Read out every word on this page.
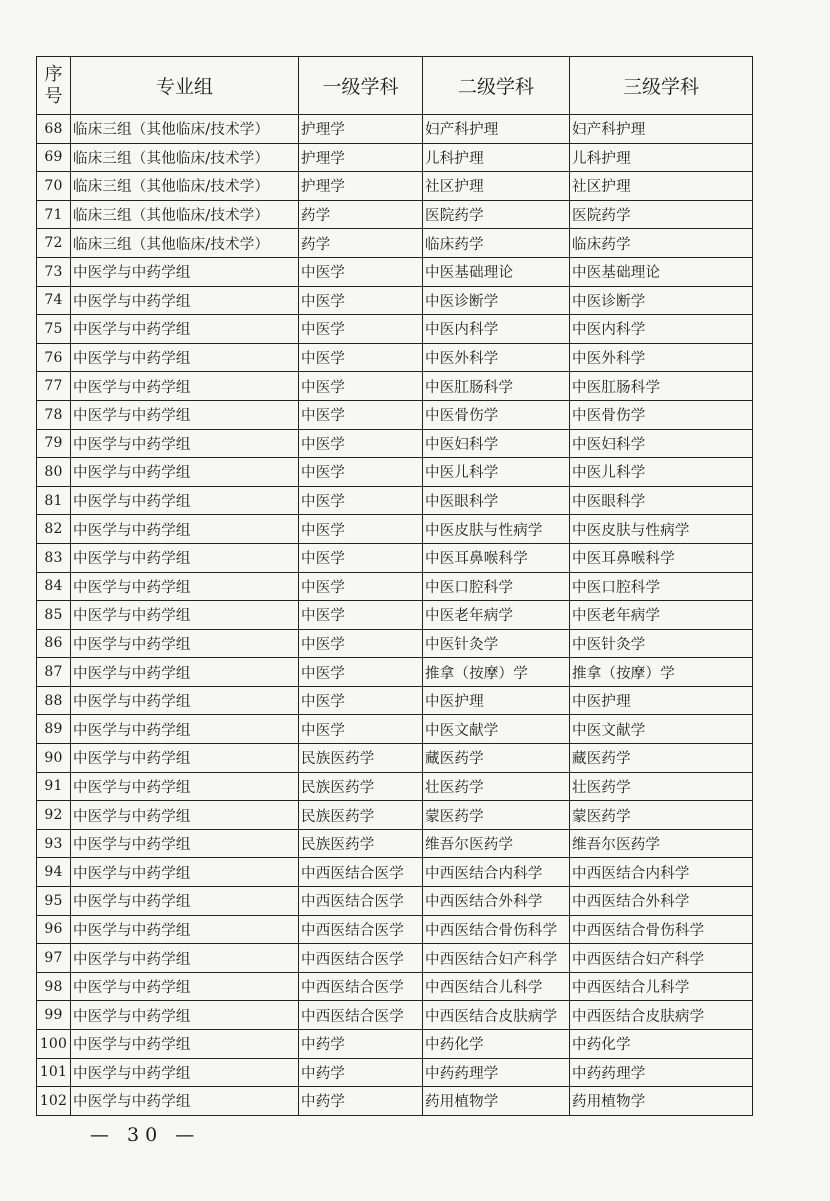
序号	专业组	一级学科	二级学科	三级学科
68	临床三组（其他临床/技术学）	护理学	妇产科护理	妇产科护理
69	临床三组（其他临床/技术学）	护理学	儿科护理	儿科护理
70	临床三组（其他临床/技术学）	护理学	社区护理	社区护理
71	临床三组（其他临床/技术学）	药学	医院药学	医院药学
72	临床三组（其他临床/技术学）	药学	临床药学	临床药学
73	中医学与中药学组	中医学	中医基础理论	中医基础理论
74	中医学与中药学组	中医学	中医诊断学	中医诊断学
75	中医学与中药学组	中医学	中医内科学	中医内科学
76	中医学与中药学组	中医学	中医外科学	中医外科学
77	中医学与中药学组	中医学	中医肛肠科学	中医肛肠科学
78	中医学与中药学组	中医学	中医骨伤学	中医骨伤学
79	中医学与中药学组	中医学	中医妇科学	中医妇科学
80	中医学与中药学组	中医学	中医儿科学	中医儿科学
81	中医学与中药学组	中医学	中医眼科学	中医眼科学
82	中医学与中药学组	中医学	中医皮肤与性病学	中医皮肤与性病学
83	中医学与中药学组	中医学	中医耳鼻喉科学	中医耳鼻喉科学
84	中医学与中药学组	中医学	中医口腔科学	中医口腔科学
85	中医学与中药学组	中医学	中医老年病学	中医老年病学
86	中医学与中药学组	中医学	中医针灸学	中医针灸学
87	中医学与中药学组	中医学	推拿（按摩）学	推拿（按摩）学
88	中医学与中药学组	中医学	中医护理	中医护理
89	中医学与中药学组	中医学	中医文献学	中医文献学
90	中医学与中药学组	民族医药学	藏医药学	藏医药学
91	中医学与中药学组	民族医药学	壮医药学	壮医药学
92	中医学与中药学组	民族医药学	蒙医药学	蒙医药学
93	中医学与中药学组	民族医药学	维吾尔医药学	维吾尔医药学
94	中医学与中药学组	中西医结合医学	中西医结合内科学	中西医结合内科学
95	中医学与中药学组	中西医结合医学	中西医结合外科学	中西医结合外科学
96	中医学与中药学组	中西医结合医学	中西医结合骨伤科学	中西医结合骨伤科学
97	中医学与中药学组	中西医结合医学	中西医结合妇产科学	中西医结合妇产科学
98	中医学与中药学组	中西医结合医学	中西医结合儿科学	中西医结合儿科学
99	中医学与中药学组	中西医结合医学	中西医结合皮肤病学	中西医结合皮肤病学
100	中医学与中药学组	中药学	中药化学	中药化学
101	中医学与中药学组	中药学	中药药理学	中药药理学
102	中医学与中药学组	中药学	药用植物学	药用植物学
— 30 —
